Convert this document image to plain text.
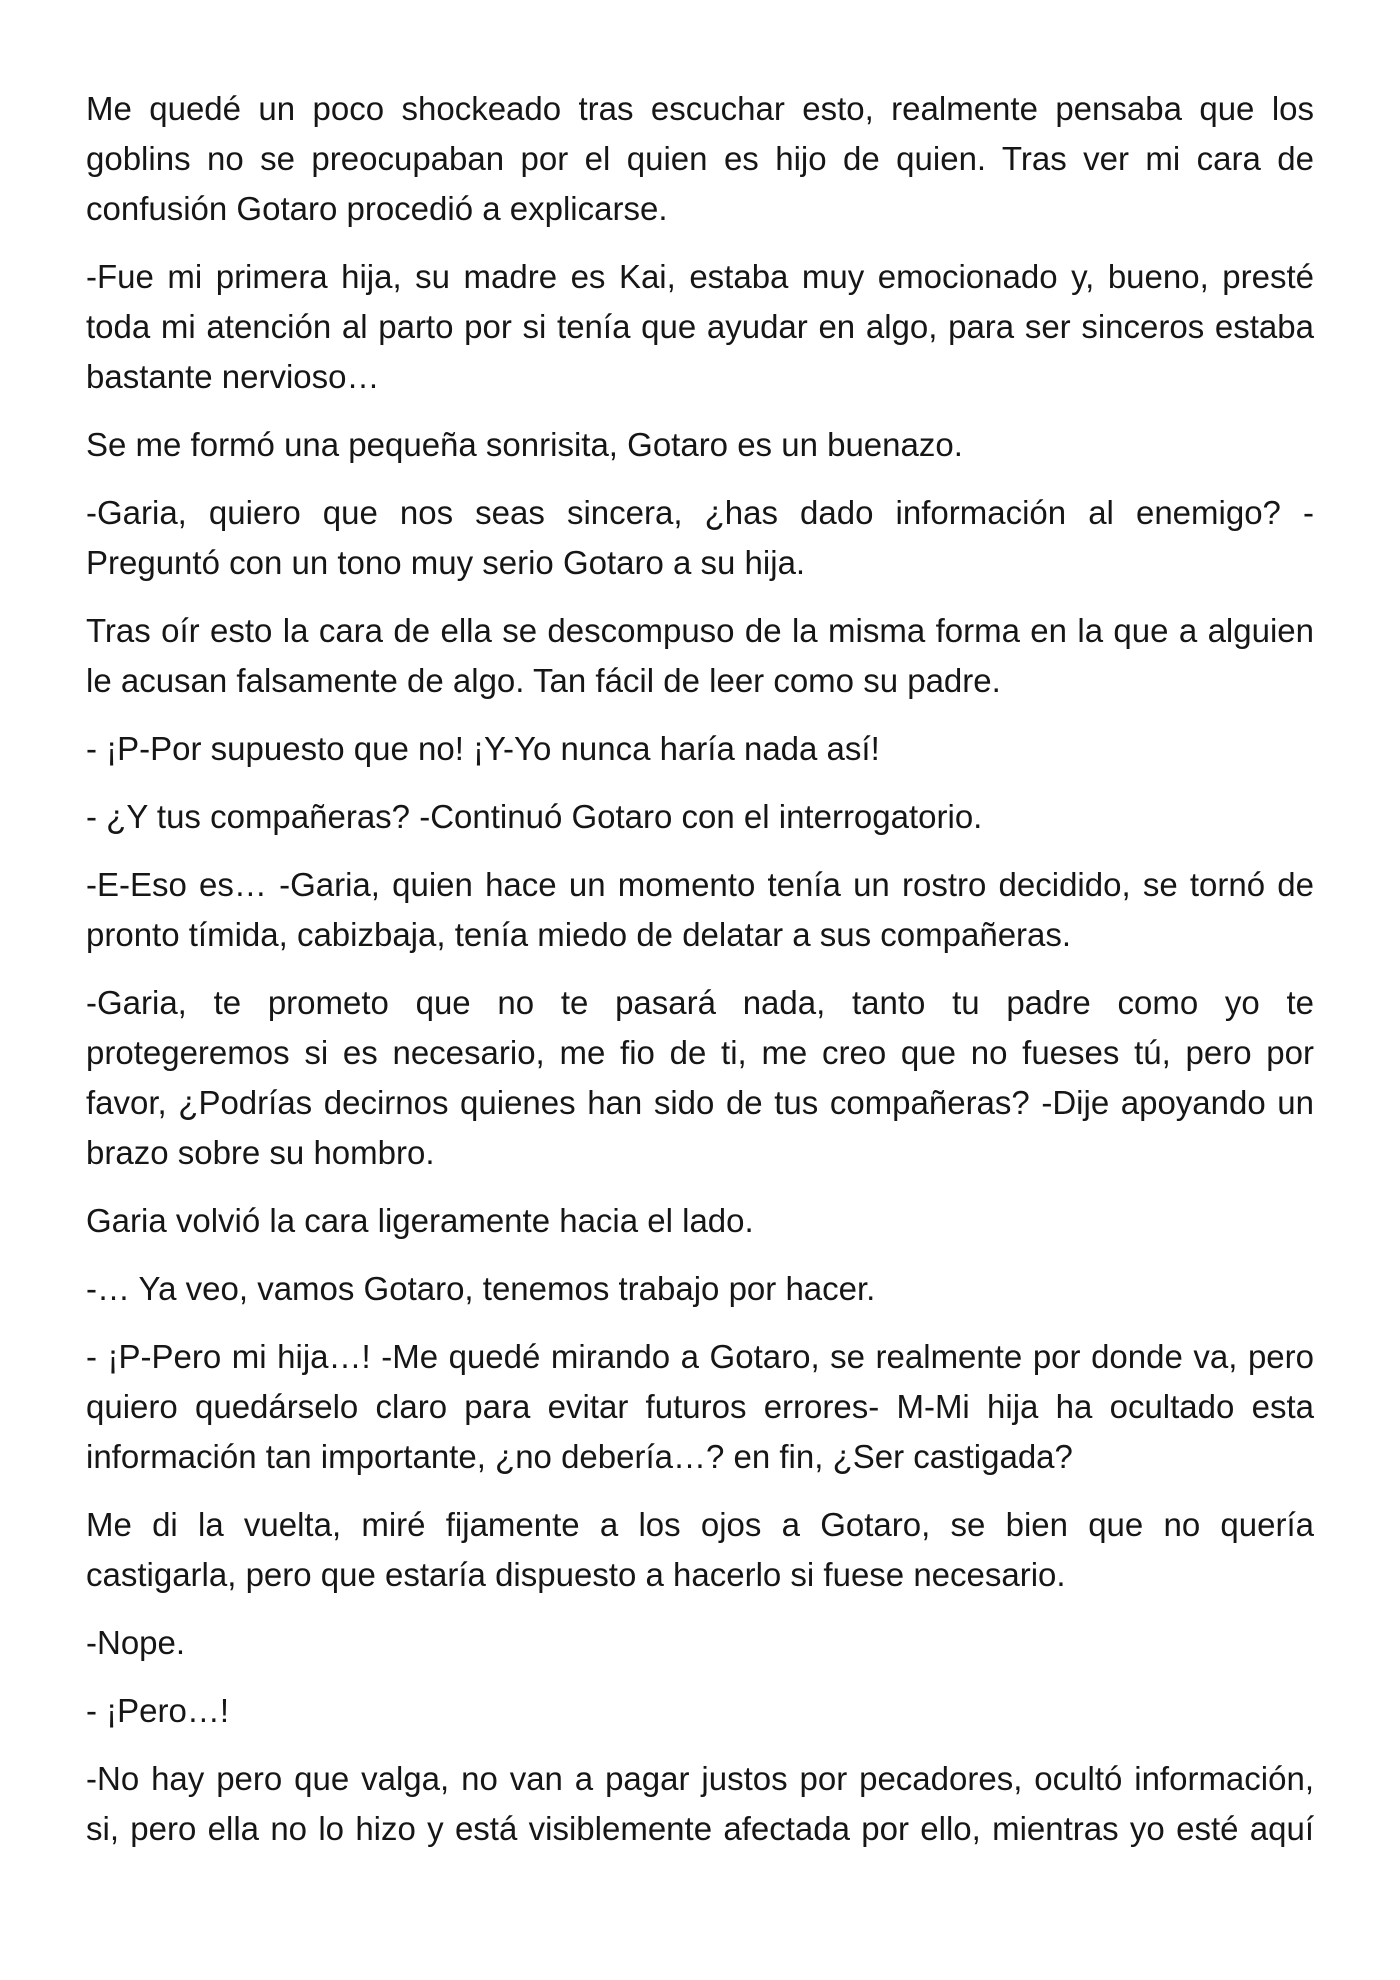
Me quedé un poco shockeado tras escuchar esto, realmente pensaba que los
goblins no se preocupaban por el quien es hijo de quien. Tras ver mi cara de
confusión Gotaro procedió a explicarse.
-Fue mi primera hija, su madre es Kai, estaba muy emocionado y, bueno, presté
toda mi atención al parto por si tenía que ayudar en algo, para ser sinceros estaba
bastante nervioso…
Se me formó una pequeña sonrisita, Gotaro es un buenazo.
-Garia, quiero que nos seas sincera, ¿has dado información al enemigo? -
Preguntó con un tono muy serio Gotaro a su hija.
Tras oír esto la cara de ella se descompuso de la misma forma en la que a alguien
le acusan falsamente de algo. Tan fácil de leer como su padre.
- ¡P-Por supuesto que no! ¡Y-Yo nunca haría nada así!
- ¿Y tus compañeras? -Continuó Gotaro con el interrogatorio.
-E-Eso es… -Garia, quien hace un momento tenía un rostro decidido, se tornó de
pronto tímida, cabizbaja, tenía miedo de delatar a sus compañeras.
-Garia, te prometo que no te pasará nada, tanto tu padre como yo te
protegeremos si es necesario, me fio de ti, me creo que no fueses tú, pero por
favor, ¿Podrías decirnos quienes han sido de tus compañeras? -Dije apoyando un
brazo sobre su hombro.
Garia volvió la cara ligeramente hacia el lado.
-… Ya veo, vamos Gotaro, tenemos trabajo por hacer.
- ¡P-Pero mi hija…! -Me quedé mirando a Gotaro, se realmente por donde va, pero
quiero quedárselo claro para evitar futuros errores- M-Mi hija ha ocultado esta
información tan importante, ¿no debería…? en fin, ¿Ser castigada?
Me di la vuelta, miré fijamente a los ojos a Gotaro, se bien que no quería
castigarla, pero que estaría dispuesto a hacerlo si fuese necesario.
-Nope.
- ¡Pero…!
-No hay pero que valga, no van a pagar justos por pecadores, ocultó información,
si, pero ella no lo hizo y está visiblemente afectada por ello, mientras yo esté aquí
